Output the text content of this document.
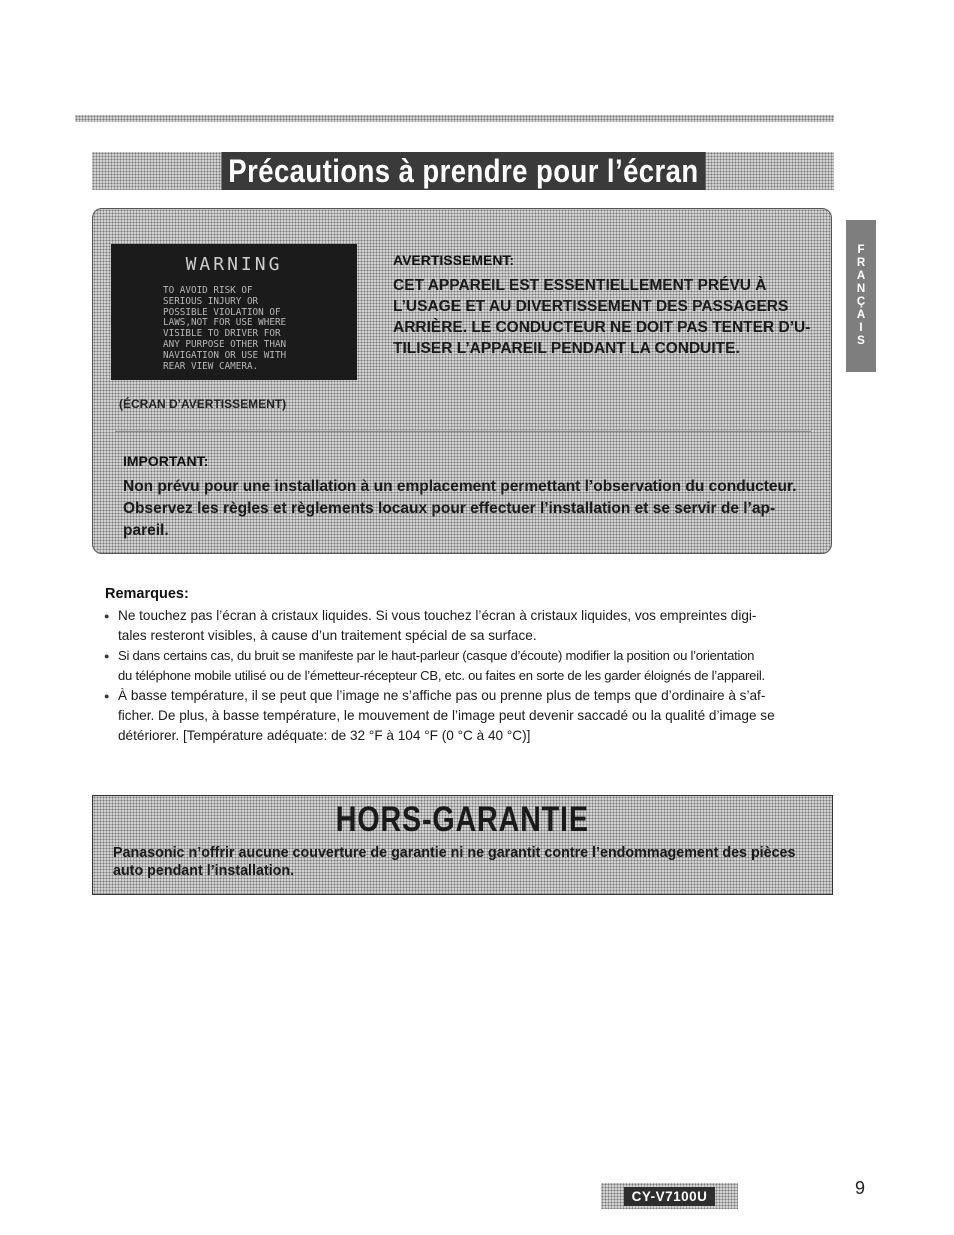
Précautions à prendre pour l’écran
WARNING
TO AVOID RISK OF
SERIOUS INJURY OR
POSSIBLE VIOLATION OF
LAWS,NOT FOR USE WHERE
VISIBLE TO DRIVER FOR
ANY PURPOSE OTHER THAN
NAVIGATION OR USE WITH
REAR VIEW CAMERA.
(ÉCRAN D’AVERTISSEMENT)
AVERTISSEMENT:
CET APPAREIL EST ESSENTIELLEMENT PRÉVU À
L’USAGE ET AU DIVERTISSEMENT DES PASSAGERS
ARRIÈRE. LE CONDUCTEUR NE DOIT PAS TENTER D’U-
TILISER L’APPAREIL PENDANT LA CONDUITE.
IMPORTANT:
Non prévu pour une installation à un emplacement permettant l’observation du conducteur.
Observez les règles et règlements locaux pour effectuer l’installation et se servir de l’ap-
pareil.
F
R
A
N
Ç
A
I
S
Remarques:
● Ne touchez pas l’écran à cristaux liquides. Si vous touchez l’écran à cristaux liquides, vos empreintes digi-
tales resteront visibles, à cause d’un traitement spécial de sa surface.
● Si dans certains cas, du bruit se manifeste par le haut-parleur (casque d’écoute) modifier la position ou l’orientation
du téléphone mobile utilisé ou de l’émetteur-récepteur CB, etc. ou faites en sorte de les garder éloignés de l’appareil.
● À basse température, il se peut que l’image ne s’affiche pas ou prenne plus de temps que d’ordinaire à s’af-
ficher. De plus, à basse température, le mouvement de l’image peut devenir saccadé ou la qualité d’image se
détériorer. [Température adéquate: de 32 °F à 104 °F (0 °C à 40 °C)]
HORS-GARANTIE
Panasonic n’offrir aucune couverture de garantie ni ne garantit contre l’endommagement des pièces
auto pendant l’installation.
CY-V7100U	9
